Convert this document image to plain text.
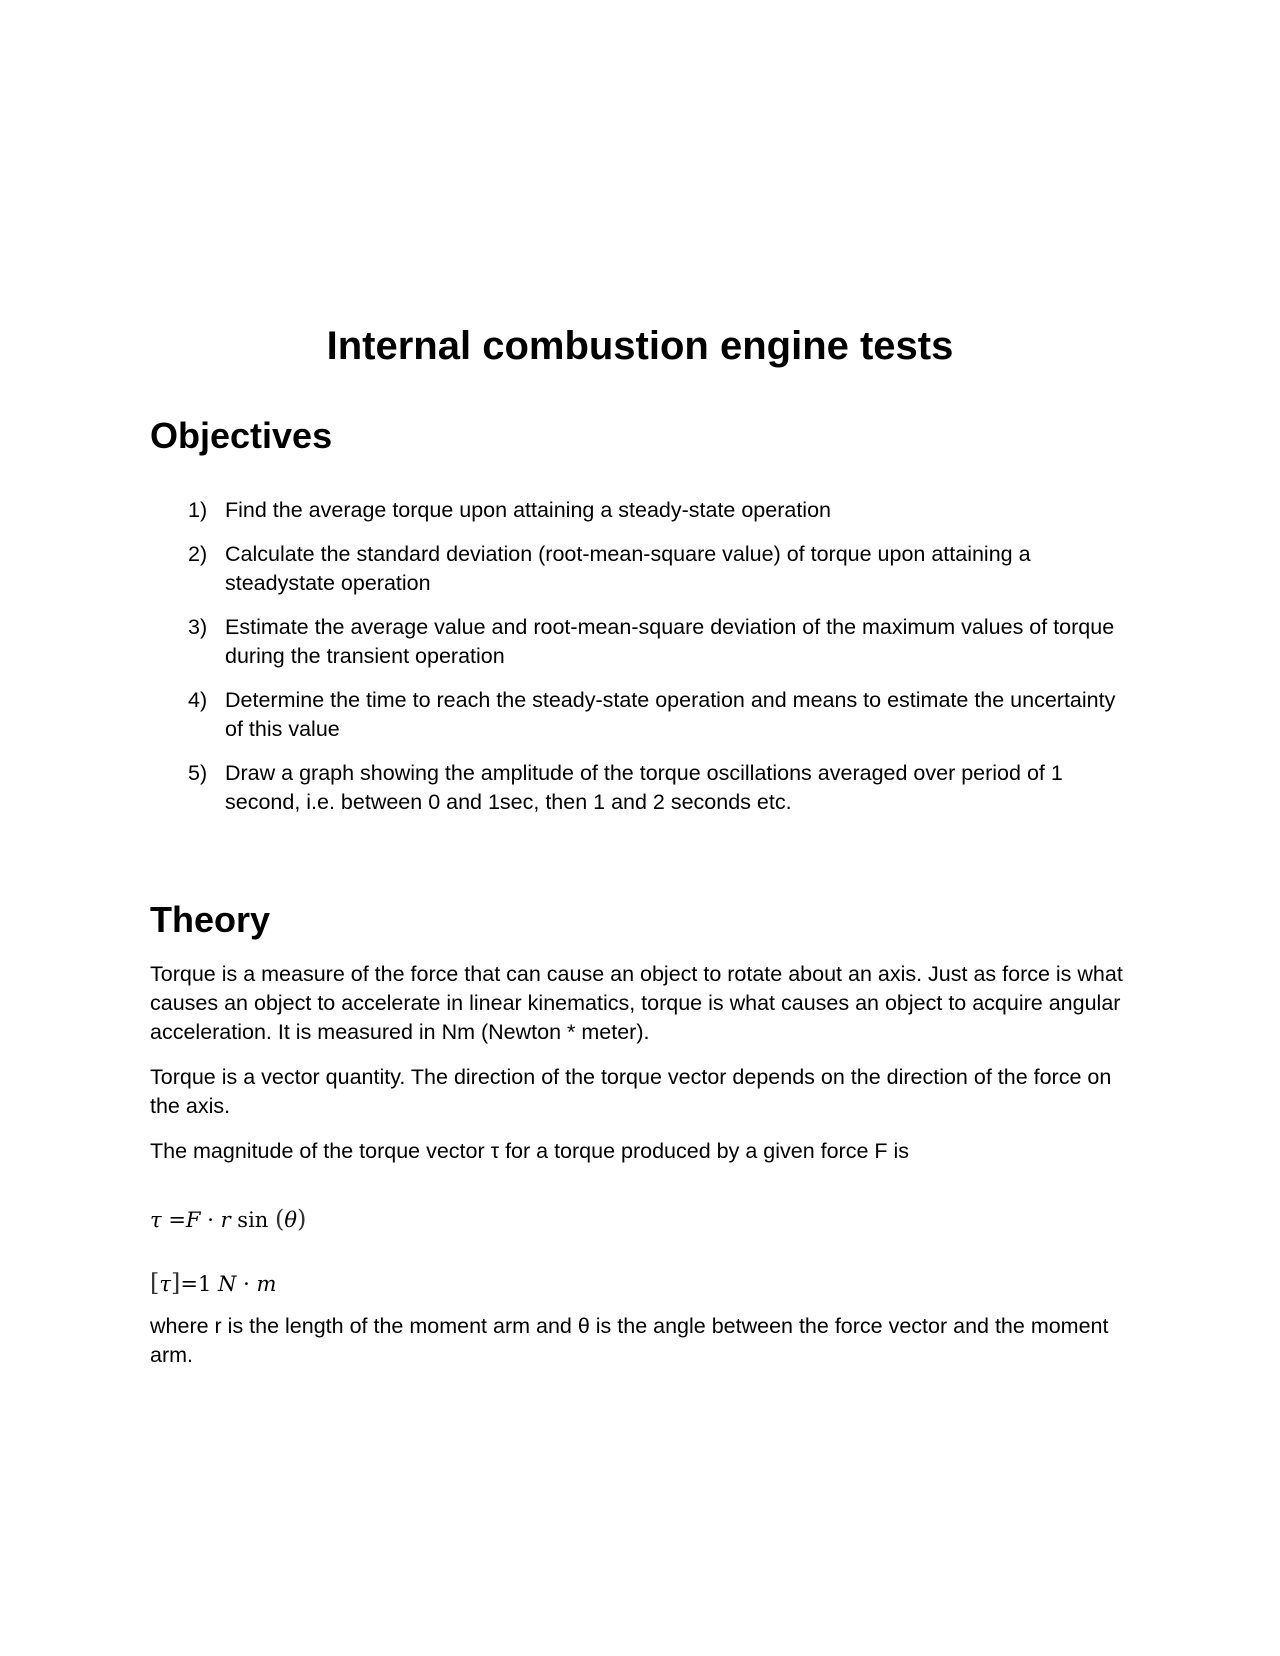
Internal combustion engine tests
Objectives
1) Find the average torque upon attaining a steady-state operation
2) Calculate the standard deviation (root-mean-square value) of torque upon attaining a steadystate operation
3) Estimate the average value and root-mean-square deviation of the maximum values of torque during the transient operation
4) Determine the time to reach the steady-state operation and means to estimate the uncertainty of this value
5) Draw a graph showing the amplitude of the torque oscillations averaged over period of 1 second, i.e. between 0 and 1sec, then 1 and 2 seconds etc.
Theory

Torque is a measure of the force that can cause an object to rotate about an axis. Just as force is what causes an object to accelerate in linear kinematics, torque is what causes an object to acquire angular acceleration. It is measured in Nm (Newton * meter).

Torque is a vector quantity. The direction of the torque vector depends on the direction of the force on the axis.

The magnitude of the torque vector τ for a torque produced by a given force F is

τ =F · r sin (θ)
[τ]=1 N · m

where r is the length of the moment arm and θ is the angle between the force vector and the moment arm.
